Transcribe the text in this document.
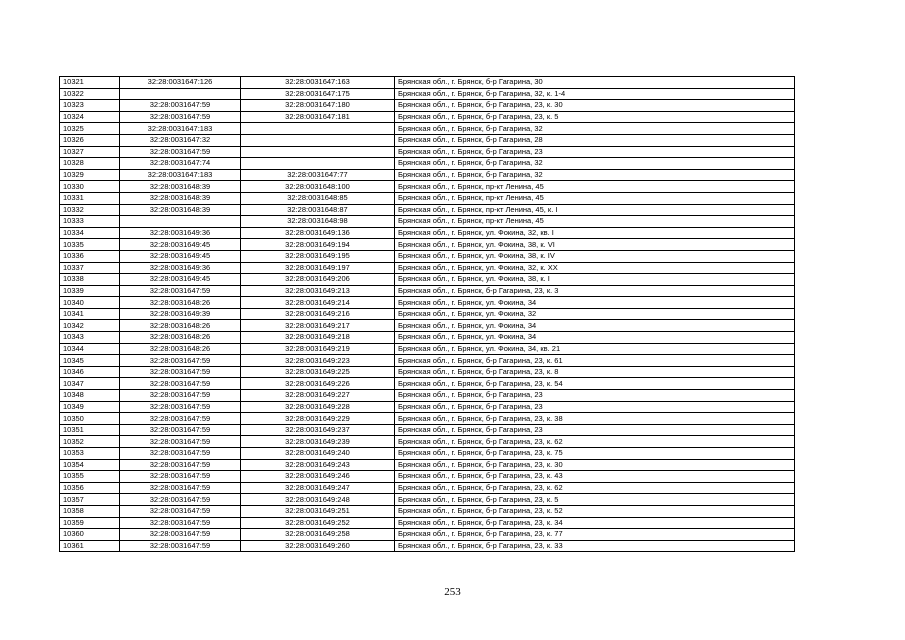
10321	32:28:0031647:126	32:28:0031647:163	Брянская обл., г. Брянск, б-р Гагарина, 30
10322		32:28:0031647:175	Брянская обл., г. Брянск, б-р Гагарина, 32, к. 1-4
10323	32:28:0031647:59	32:28:0031647:180	Брянская обл., г. Брянск, б-р Гагарина, 23, к. 30
10324	32:28:0031647:59	32:28:0031647:181	Брянская обл., г. Брянск, б-р Гагарина, 23, к. 5
10325	32:28:0031647:183		Брянская обл., г. Брянск, б-р Гагарина, 32
10326	32:28:0031647:32		Брянская обл., г. Брянск, б-р Гагарина, 28
10327	32:28:0031647:59		Брянская обл., г. Брянск, б-р Гагарина, 23
10328	32:28:0031647:74		Брянская обл., г. Брянск, б-р Гагарина, 32
10329	32:28:0031647:183	32:28:0031647:77	Брянская обл., г. Брянск, б-р Гагарина, 32
10330	32:28:0031648:39	32:28:0031648:100	Брянская обл., г. Брянск, пр-кт Ленина, 45
10331	32:28:0031648:39	32:28:0031648:85	Брянская обл., г. Брянск, пр-кт Ленина, 45
10332	32:28:0031648:39	32:28:0031648:87	Брянская обл., г. Брянск, пр-кт Ленина, 45, к. I
10333		32:28:0031648:98	Брянская обл., г. Брянск, пр-кт Ленина, 45
10334	32:28:0031649:36	32:28:0031649:136	Брянская обл., г. Брянск, ул. Фокина, 32, кв. I
10335	32:28:0031649:45	32:28:0031649:194	Брянская обл., г. Брянск, ул. Фокина, 38, к. VI
10336	32:28:0031649:45	32:28:0031649:195	Брянская обл., г. Брянск, ул. Фокина, 38, к. IV
10337	32:28:0031649:36	32:28:0031649:197	Брянская обл., г. Брянск, ул. Фокина, 32, к. XX
10338	32:28:0031649:45	32:28:0031649:206	Брянская обл., г. Брянск, ул. Фокина, 38, к. I
10339	32:28:0031647:59	32:28:0031649:213	Брянская обл., г. Брянск, б-р Гагарина, 23, к. 3
10340	32:28:0031648:26	32:28:0031649:214	Брянская обл., г. Брянск, ул. Фокина, 34
10341	32:28:0031649:39	32:28:0031649:216	Брянская обл., г. Брянск, ул. Фокина, 32
10342	32:28:0031648:26	32:28:0031649:217	Брянская обл., г. Брянск, ул. Фокина, 34
10343	32:28:0031648:26	32:28:0031649:218	Брянская обл., г. Брянск, ул. Фокина, 34
10344	32:28:0031648:26	32:28:0031649:219	Брянская обл., г. Брянск, ул. Фокина, 34, кв. 21
10345	32:28:0031647:59	32:28:0031649:223	Брянская обл., г. Брянск, б-р Гагарина, 23, к. 61
10346	32:28:0031647:59	32:28:0031649:225	Брянская обл., г. Брянск, б-р Гагарина, 23, к. 8
10347	32:28:0031647:59	32:28:0031649:226	Брянская обл., г. Брянск, б-р Гагарина, 23, к. 54
10348	32:28:0031647:59	32:28:0031649:227	Брянская обл., г. Брянск, б-р Гагарина, 23
10349	32:28:0031647:59	32:28:0031649:228	Брянская обл., г. Брянск, б-р Гагарина, 23
10350	32:28:0031647:59	32:28:0031649:229	Брянская обл., г. Брянск, б-р Гагарина, 23, к. 38
10351	32:28:0031647:59	32:28:0031649:237	Брянская обл., г. Брянск, б-р Гагарина, 23
10352	32:28:0031647:59	32:28:0031649:239	Брянская обл., г. Брянск, б-р Гагарина, 23, к. 62
10353	32:28:0031647:59	32:28:0031649:240	Брянская обл., г. Брянск, б-р Гагарина, 23, к. 75
10354	32:28:0031647:59	32:28:0031649:243	Брянская обл., г. Брянск, б-р Гагарина, 23, к. 30
10355	32:28:0031647:59	32:28:0031649:246	Брянская обл., г. Брянск, б-р Гагарина, 23, к. 43
10356	32:28:0031647:59	32:28:0031649:247	Брянская обл., г. Брянск, б-р Гагарина, 23, к. 62
10357	32:28:0031647:59	32:28:0031649:248	Брянская обл., г. Брянск, б-р Гагарина, 23, к. 5
10358	32:28:0031647:59	32:28:0031649:251	Брянская обл., г. Брянск, б-р Гагарина, 23, к. 52
10359	32:28:0031647:59	32:28:0031649:252	Брянская обл., г. Брянск, б-р Гагарина, 23, к. 34
10360	32:28:0031647:59	32:28:0031649:258	Брянская обл., г. Брянск, б-р Гагарина, 23, к. 77
10361	32:28:0031647:59	32:28:0031649:260	Брянская обл., г. Брянск, б-р Гагарина, 23, к. 33
253
